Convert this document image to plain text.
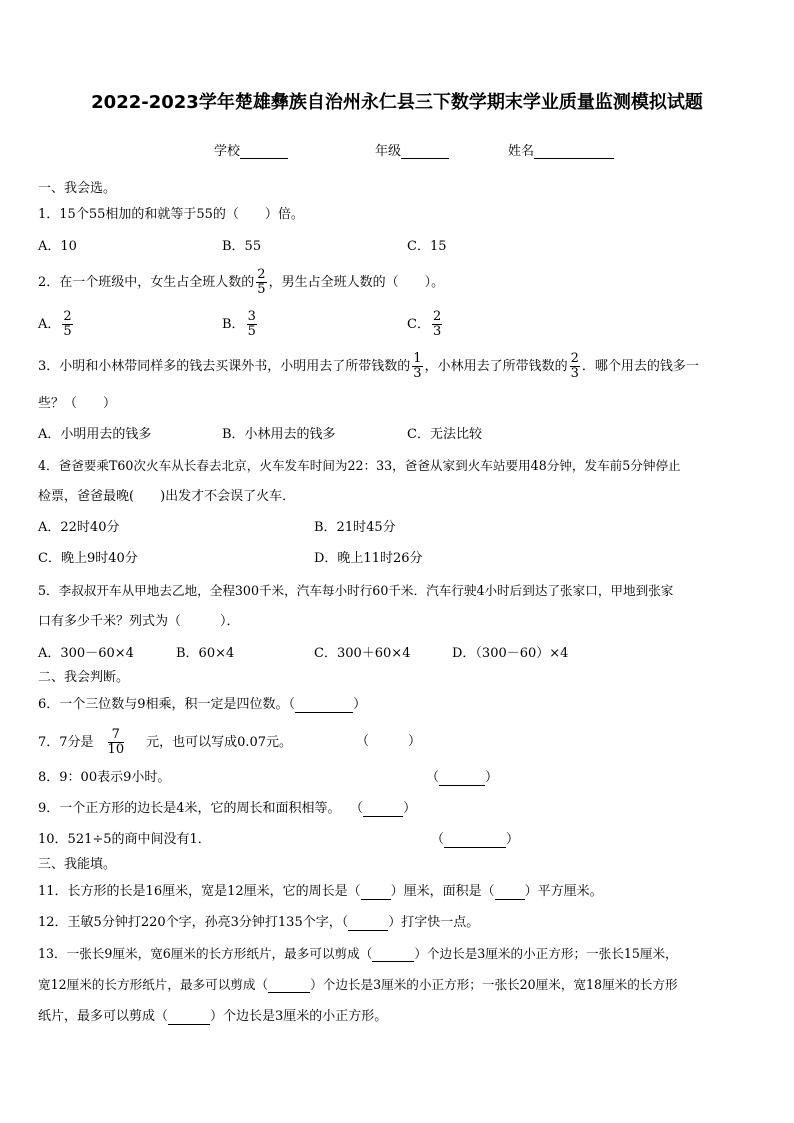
2022-2023学年楚雄彝族自治州永仁县三下数学期末学业质量监测模拟试题
学校	年级	姓名
一、我会选。
1．15个55相加的和就等于55的（　　）倍。
A．10	B．55	C．15
2．在一个班级中，女生占全班人数的 $\frac{2}{5}$ ，男生占全班人数的（　　）。
A． $\frac{2}{5}$	B． $\frac{3}{5}$	C． $\frac{2}{3}$
3．小明和小林带同样多的钱去买课外书，小明用去了所带钱数的 $\frac{1}{3}$ ，小林用去了所带钱数的 $\frac{2}{3}$ ．哪个用去的钱多一
些？（　　）
A．小明用去的钱多	B．小林用去的钱多	C．无法比较
4．爸爸要乘T60次火车从长春去北京，火车发车时间为22：33，爸爸从家到火车站要用48分钟，发车前5分钟停止
检票，爸爸最晚(　　)出发才不会误了火车．
A．22时40分	B．21时45分
C．晚上9时40分	D．晚上11时26分
5．李叔叔开车从甲地去乙地，全程300千米，汽车每小时行60千米．汽车行驶4小时后到达了张家口，甲地到张家
口有多少千米？列式为（　　　）．
A．300－60×4	B．60×4	C．300＋60×4	D．（300－60）×4
二、我会判断。
6．一个三位数与9相乘，积一定是四位数。（	）
7．7分是 $\frac{7}{10}$ 元，也可以写成0.07元。	（　　　）
8．9：00表示9小时。	（	）
9．一个正方形的边长是4米，它的周长和面积相等。 （	）
10．521÷5的商中间没有1．	（	）
三、我能填。
11．长方形的长是16厘米，宽是12厘米，它的周长是（ ）厘米，面积是（ ）平方厘米。
12．王敏5分钟打220个字，孙亮3分钟打135个字，（	）打字快一点。
13．一张长9厘米，宽6厘米的长方形纸片，最多可以剪成（	）个边长是3厘米的小正方形；一张长15厘米，
宽12厘米的长方形纸片，最多可以剪成（	）个边长是3厘米的小正方形；一张长20厘米，宽18厘米的长方形
纸片，最多可以剪成（	）个边长是3厘米的小正方形。
